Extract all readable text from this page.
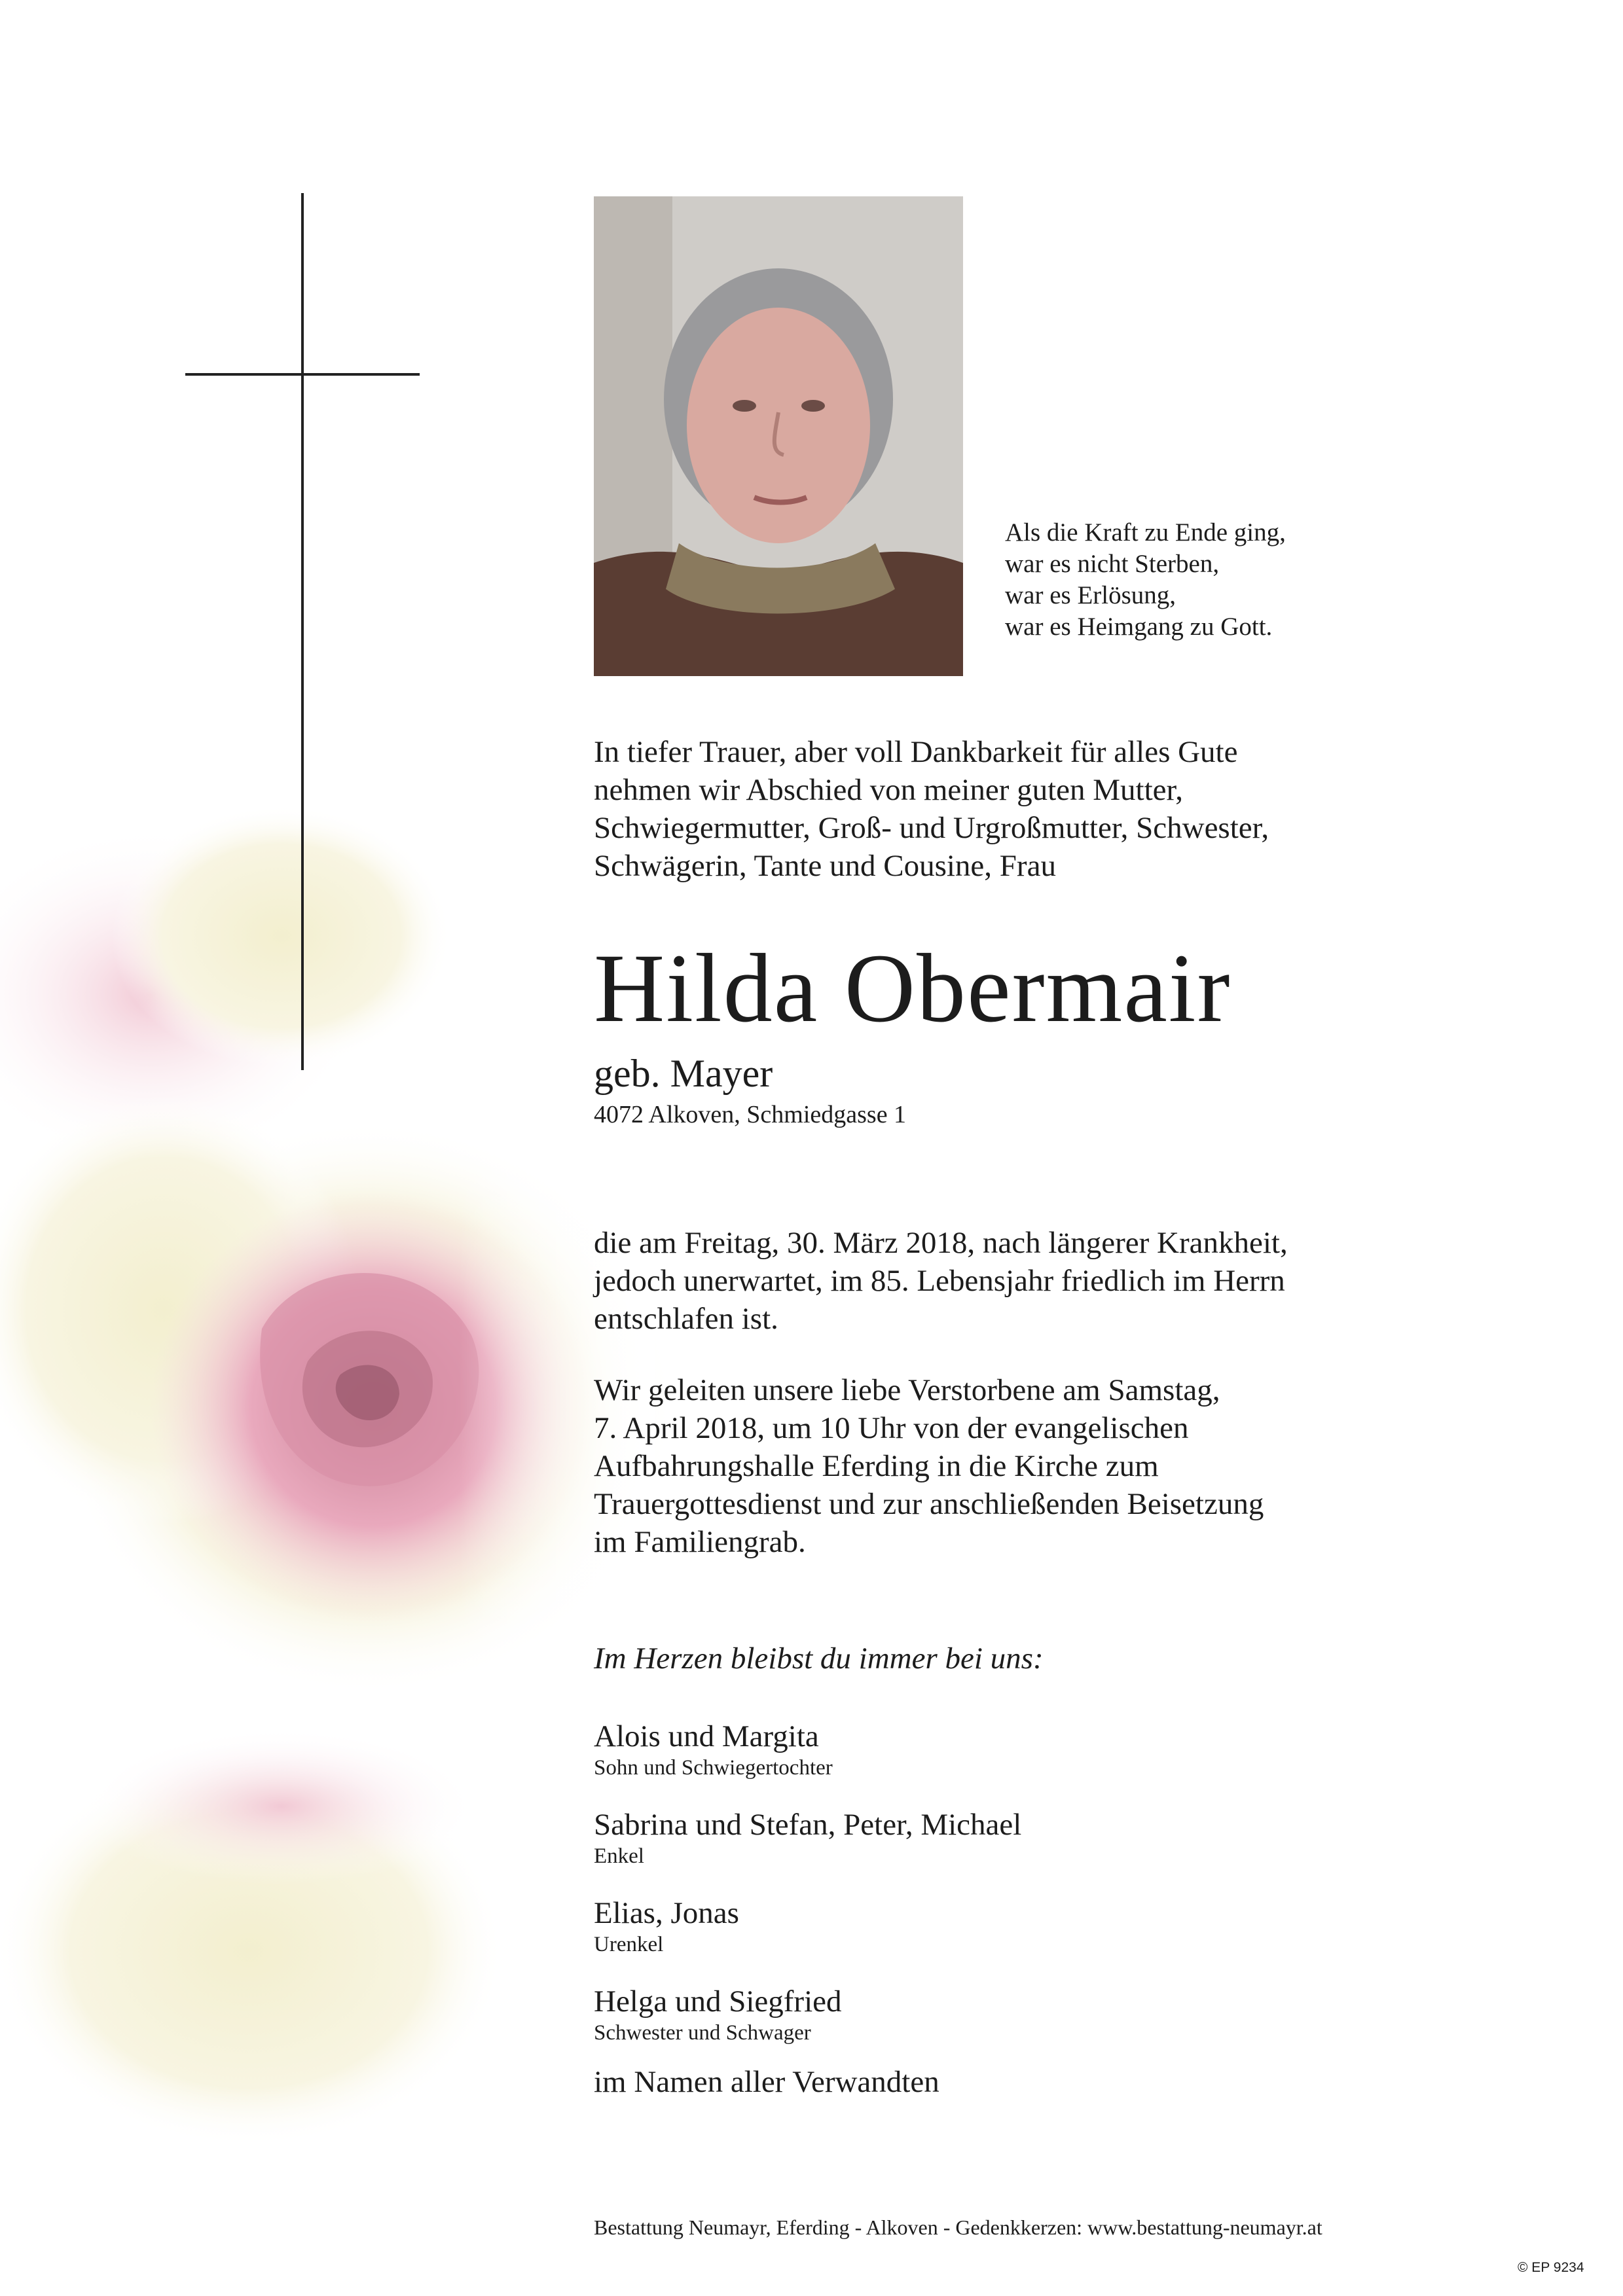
Als die Kraft zu Ende ging,
war es nicht Sterben,
war es Erlösung,
war es Heimgang zu Gott.
In tiefer Trauer, aber voll Dankbarkeit für alles Gute
nehmen wir Abschied von meiner guten Mutter,
Schwiegermutter, Groß- und Urgroßmutter, Schwester,
Schwägerin, Tante und Cousine, Frau
Hilda Obermair
geb. Mayer
4072 Alkoven, Schmiedgasse 1
die am Freitag, 30. März 2018, nach längerer Krankheit,
jedoch unerwartet, im 85. Lebensjahr friedlich im Herrn
entschlafen ist.
Wir geleiten unsere liebe Verstorbene am Samstag,
7. April 2018, um 10 Uhr von der evangelischen
Aufbahrungshalle Eferding in die Kirche zum
Trauergottesdienst und zur anschließenden Beisetzung
im Familiengrab.
Im Herzen bleibst du immer bei uns:
Alois und Margita
Sohn und Schwiegertochter
Sabrina und Stefan, Peter, Michael
Enkel
Elias, Jonas
Urenkel
Helga und Siegfried
Schwester und Schwager
im Namen aller Verwandten
Bestattung Neumayr, Eferding - Alkoven - Gedenkkerzen: www.bestattung-neumayr.at
© EP 9234
